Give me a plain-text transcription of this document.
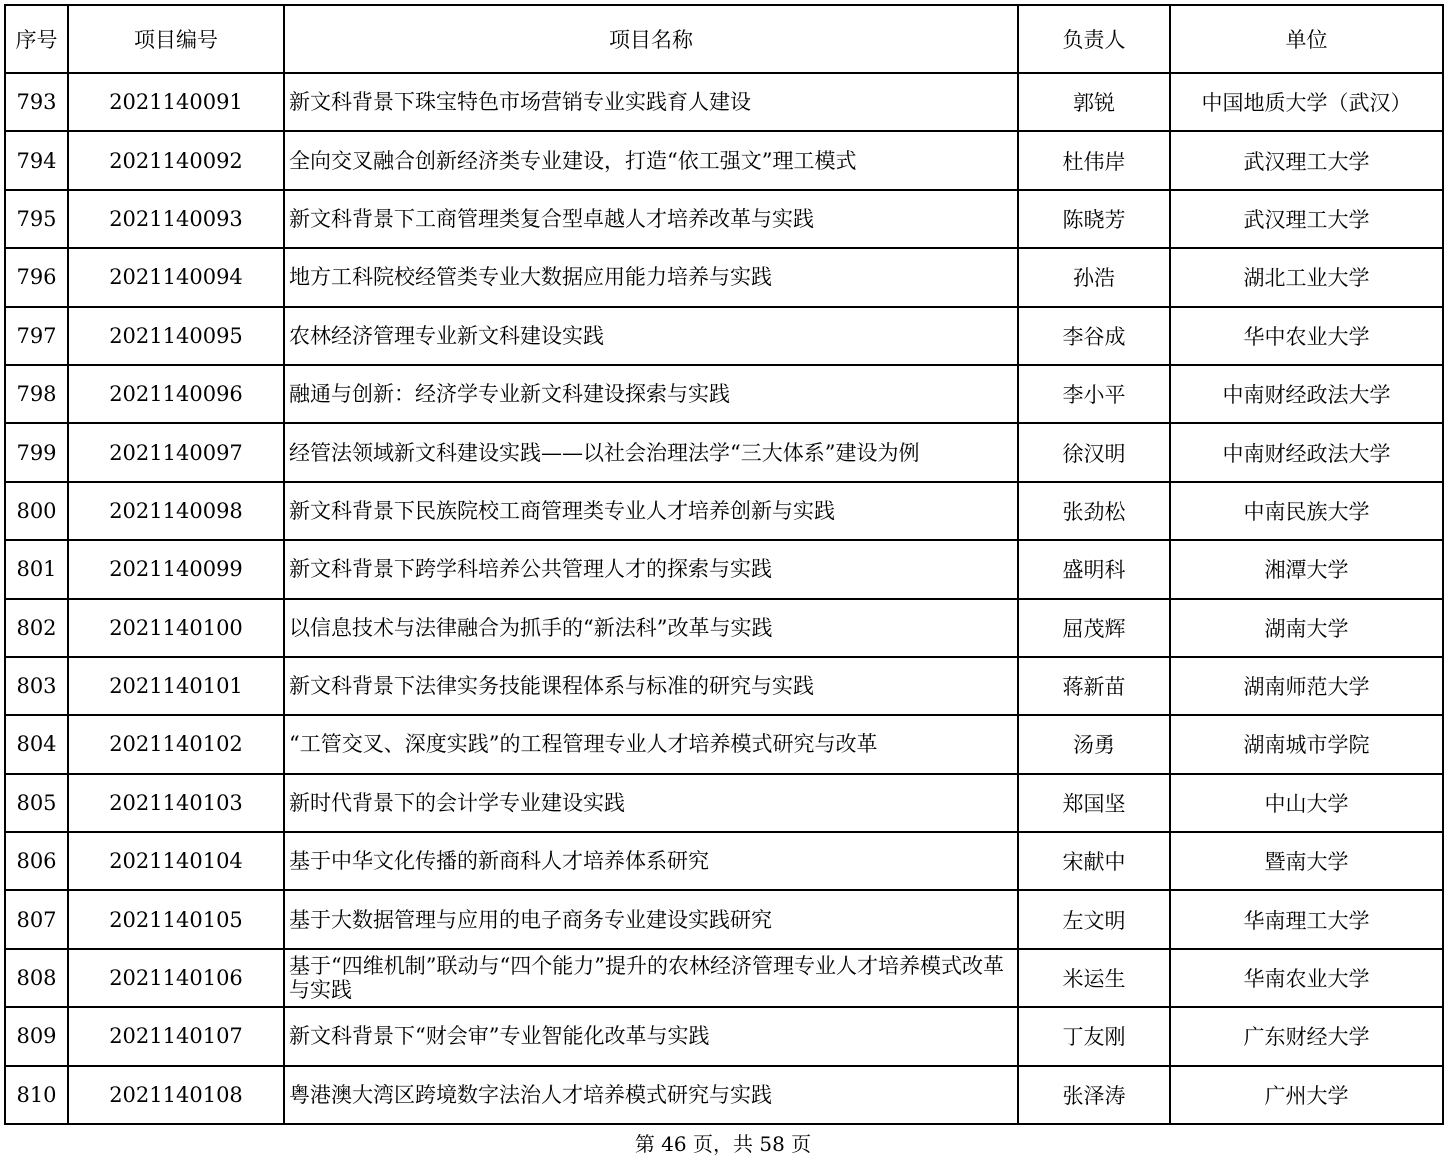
序号	项目编号	项目名称	负责人	单位
793	2021140091	新文科背景下珠宝特色市场营销专业实践育人建设	郭锐	中国地质大学（武汉）
794	2021140092	全向交叉融合创新经济类专业建设，打造“依工强文”理工模式	杜伟岸	武汉理工大学
795	2021140093	新文科背景下工商管理类复合型卓越人才培养改革与实践	陈晓芳	武汉理工大学
796	2021140094	地方工科院校经管类专业大数据应用能力培养与实践	孙浩	湖北工业大学
797	2021140095	农林经济管理专业新文科建设实践	李谷成	华中农业大学
798	2021140096	融通与创新：经济学专业新文科建设探索与实践	李小平	中南财经政法大学
799	2021140097	经管法领域新文科建设实践——以社会治理法学“三大体系”建设为例	徐汉明	中南财经政法大学
800	2021140098	新文科背景下民族院校工商管理类专业人才培养创新与实践	张劲松	中南民族大学
801	2021140099	新文科背景下跨学科培养公共管理人才的探索与实践	盛明科	湘潭大学
802	2021140100	以信息技术与法律融合为抓手的“新法科”改革与实践	屈茂辉	湖南大学
803	2021140101	新文科背景下法律实务技能课程体系与标准的研究与实践	蒋新苗	湖南师范大学
804	2021140102	“工管交叉、深度实践”的工程管理专业人才培养模式研究与改革	汤勇	湖南城市学院
805	2021140103	新时代背景下的会计学专业建设实践	郑国坚	中山大学
806	2021140104	基于中华文化传播的新商科人才培养体系研究	宋献中	暨南大学
807	2021140105	基于大数据管理与应用的电子商务专业建设实践研究	左文明	华南理工大学
808	2021140106	基于“四维机制”联动与“四个能力”提升的农林经济管理专业人才培养模式改革与实践	米运生	华南农业大学
809	2021140107	新文科背景下“财会审”专业智能化改革与实践	丁友刚	广东财经大学
810	2021140108	粤港澳大湾区跨境数字法治人才培养模式研究与实践	张泽涛	广州大学
第 46 页，共 58 页
